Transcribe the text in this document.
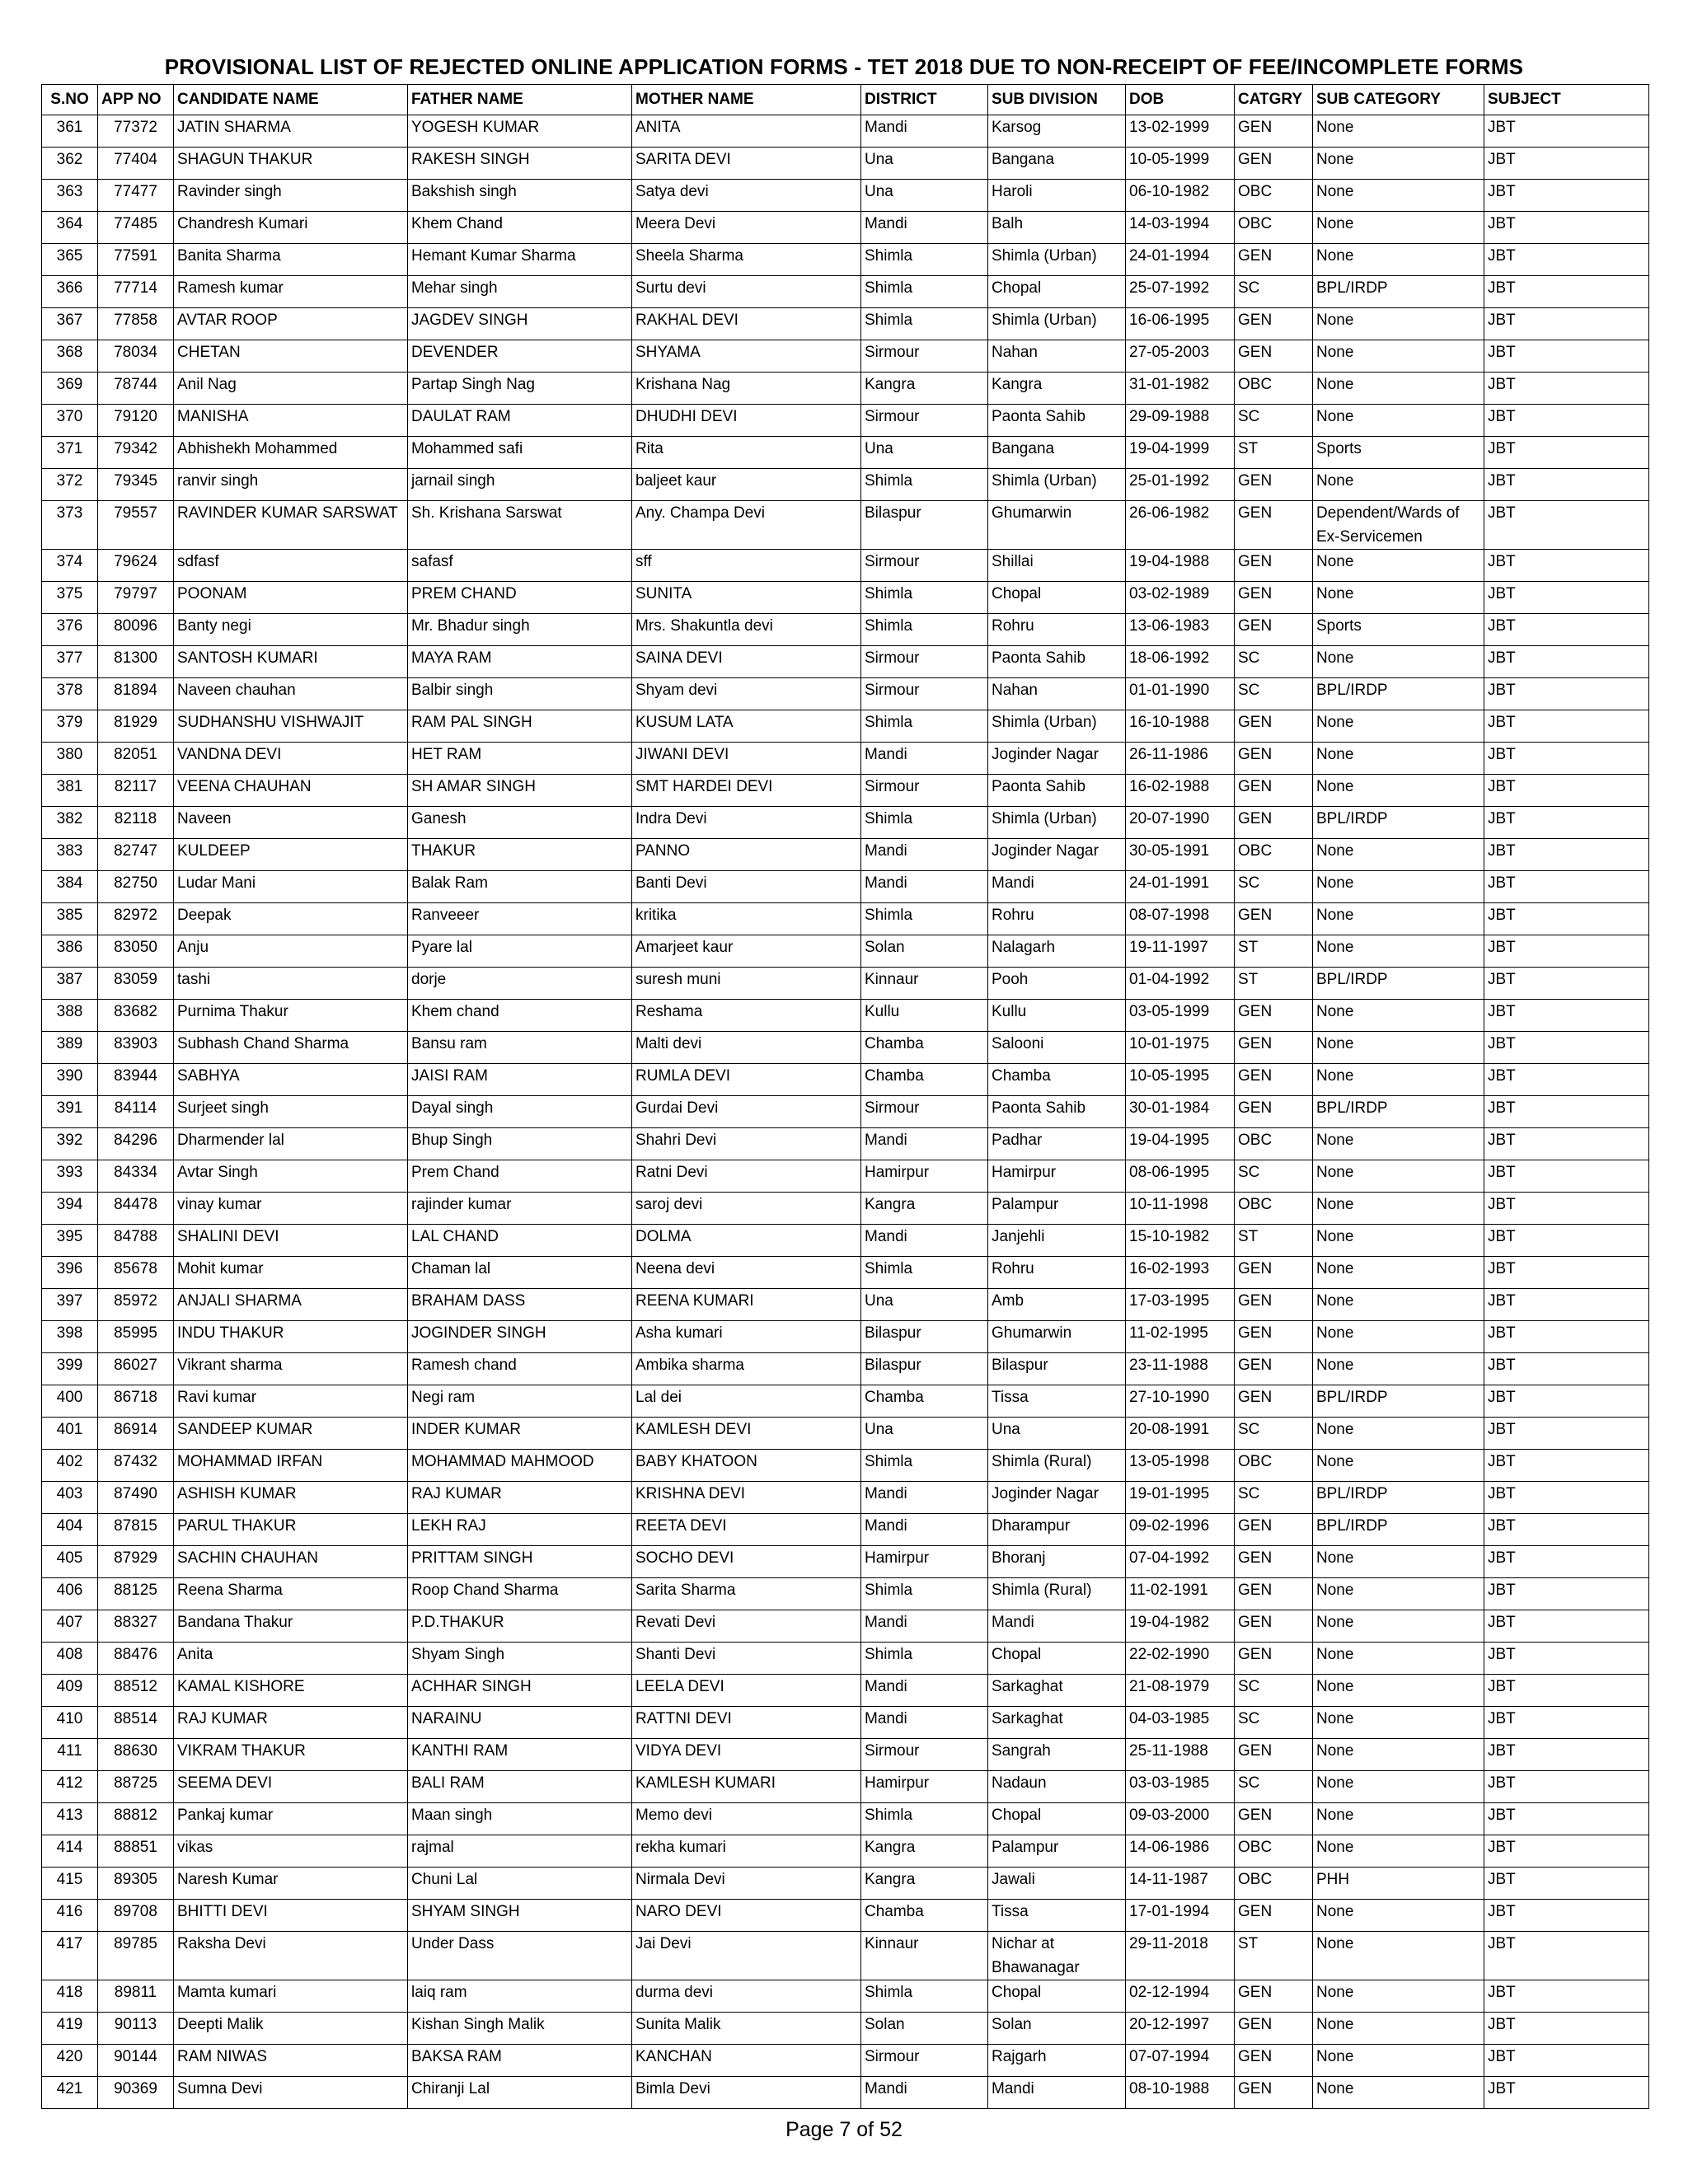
PROVISIONAL LIST OF REJECTED ONLINE APPLICATION FORMS - TET 2018 DUE TO NON-RECEIPT OF FEE/INCOMPLETE FORMS
S.NO	APP NO	CANDIDATE NAME	FATHER NAME	MOTHER NAME	DISTRICT	SUB DIVISION	DOB	CATGRY	SUB CATEGORY	SUBJECT
361	77372	JATIN SHARMA	YOGESH KUMAR	ANITA	Mandi	Karsog	13-02-1999	GEN	None	JBT
362	77404	SHAGUN THAKUR	RAKESH SINGH	SARITA DEVI	Una	Bangana	10-05-1999	GEN	None	JBT
363	77477	Ravinder singh	Bakshish singh	Satya devi	Una	Haroli	06-10-1982	OBC	None	JBT
364	77485	Chandresh Kumari	Khem Chand	Meera Devi	Mandi	Balh	14-03-1994	OBC	None	JBT
365	77591	Banita Sharma	Hemant Kumar Sharma	Sheela Sharma	Shimla	Shimla (Urban)	24-01-1994	GEN	None	JBT
366	77714	Ramesh kumar	Mehar singh	Surtu devi	Shimla	Chopal	25-07-1992	SC	BPL/IRDP	JBT
367	77858	AVTAR ROOP	JAGDEV SINGH	RAKHAL DEVI	Shimla	Shimla (Urban)	16-06-1995	GEN	None	JBT
368	78034	CHETAN	DEVENDER	SHYAMA	Sirmour	Nahan	27-05-2003	GEN	None	JBT
369	78744	Anil Nag	Partap Singh Nag	Krishana Nag	Kangra	Kangra	31-01-1982	OBC	None	JBT
370	79120	MANISHA	DAULAT RAM	DHUDHI DEVI	Sirmour	Paonta Sahib	29-09-1988	SC	None	JBT
371	79342	Abhishekh Mohammed	Mohammed safi	Rita	Una	Bangana	19-04-1999	ST	Sports	JBT
372	79345	ranvir singh	jarnail singh	baljeet kaur	Shimla	Shimla (Urban)	25-01-1992	GEN	None	JBT
373	79557	RAVINDER KUMAR SARSWAT	Sh. Krishana Sarswat	Any. Champa Devi	Bilaspur	Ghumarwin	26-06-1982	GEN	Dependent/Wards of Ex-Servicemen	JBT
374	79624	sdfasf	safasf	sff	Sirmour	Shillai	19-04-1988	GEN	None	JBT
375	79797	POONAM	PREM CHAND	SUNITA	Shimla	Chopal	03-02-1989	GEN	None	JBT
376	80096	Banty negi	Mr. Bhadur singh	Mrs. Shakuntla devi	Shimla	Rohru	13-06-1983	GEN	Sports	JBT
377	81300	SANTOSH KUMARI	MAYA RAM	SAINA DEVI	Sirmour	Paonta Sahib	18-06-1992	SC	None	JBT
378	81894	Naveen chauhan	Balbir singh	Shyam devi	Sirmour	Nahan	01-01-1990	SC	BPL/IRDP	JBT
379	81929	SUDHANSHU VISHWAJIT	RAM PAL SINGH	KUSUM LATA	Shimla	Shimla (Urban)	16-10-1988	GEN	None	JBT
380	82051	VANDNA DEVI	HET RAM	JIWANI DEVI	Mandi	Joginder Nagar	26-11-1986	GEN	None	JBT
381	82117	VEENA CHAUHAN	SH AMAR SINGH	SMT HARDEI DEVI	Sirmour	Paonta Sahib	16-02-1988	GEN	None	JBT
382	82118	Naveen	Ganesh	Indra Devi	Shimla	Shimla (Urban)	20-07-1990	GEN	BPL/IRDP	JBT
383	82747	KULDEEP	THAKUR	PANNO	Mandi	Joginder Nagar	30-05-1991	OBC	None	JBT
384	82750	Ludar Mani	Balak Ram	Banti Devi	Mandi	Mandi	24-01-1991	SC	None	JBT
385	82972	Deepak	Ranveeer	kritika	Shimla	Rohru	08-07-1998	GEN	None	JBT
386	83050	Anju	Pyare lal	Amarjeet kaur	Solan	Nalagarh	19-11-1997	ST	None	JBT
387	83059	tashi	dorje	suresh muni	Kinnaur	Pooh	01-04-1992	ST	BPL/IRDP	JBT
388	83682	Purnima Thakur	Khem chand	Reshama	Kullu	Kullu	03-05-1999	GEN	None	JBT
389	83903	Subhash Chand Sharma	Bansu ram	Malti devi	Chamba	Salooni	10-01-1975	GEN	None	JBT
390	83944	SABHYA	JAISI RAM	RUMLA DEVI	Chamba	Chamba	10-05-1995	GEN	None	JBT
391	84114	Surjeet singh	Dayal singh	Gurdai Devi	Sirmour	Paonta Sahib	30-01-1984	GEN	BPL/IRDP	JBT
392	84296	Dharmender lal	Bhup Singh	Shahri Devi	Mandi	Padhar	19-04-1995	OBC	None	JBT
393	84334	Avtar Singh	Prem Chand	Ratni Devi	Hamirpur	Hamirpur	08-06-1995	SC	None	JBT
394	84478	vinay kumar	rajinder kumar	saroj devi	Kangra	Palampur	10-11-1998	OBC	None	JBT
395	84788	SHALINI DEVI	LAL CHAND	DOLMA	Mandi	Janjehli	15-10-1982	ST	None	JBT
396	85678	Mohit kumar	Chaman lal	Neena devi	Shimla	Rohru	16-02-1993	GEN	None	JBT
397	85972	ANJALI SHARMA	BRAHAM DASS	REENA KUMARI	Una	Amb	17-03-1995	GEN	None	JBT
398	85995	INDU THAKUR	JOGINDER SINGH	Asha kumari	Bilaspur	Ghumarwin	11-02-1995	GEN	None	JBT
399	86027	Vikrant sharma	Ramesh chand	Ambika sharma	Bilaspur	Bilaspur	23-11-1988	GEN	None	JBT
400	86718	Ravi kumar	Negi ram	Lal dei	Chamba	Tissa	27-10-1990	GEN	BPL/IRDP	JBT
401	86914	SANDEEP KUMAR	INDER KUMAR	KAMLESH DEVI	Una	Una	20-08-1991	SC	None	JBT
402	87432	MOHAMMAD IRFAN	MOHAMMAD MAHMOOD	BABY KHATOON	Shimla	Shimla (Rural)	13-05-1998	OBC	None	JBT
403	87490	ASHISH KUMAR	RAJ KUMAR	KRISHNA DEVI	Mandi	Joginder Nagar	19-01-1995	SC	BPL/IRDP	JBT
404	87815	PARUL THAKUR	LEKH RAJ	REETA DEVI	Mandi	Dharampur	09-02-1996	GEN	BPL/IRDP	JBT
405	87929	SACHIN CHAUHAN	PRITTAM SINGH	SOCHO DEVI	Hamirpur	Bhoranj	07-04-1992	GEN	None	JBT
406	88125	Reena Sharma	Roop Chand Sharma	Sarita Sharma	Shimla	Shimla (Rural)	11-02-1991	GEN	None	JBT
407	88327	Bandana Thakur	P.D.THAKUR	Revati Devi	Mandi	Mandi	19-04-1982	GEN	None	JBT
408	88476	Anita	Shyam Singh	Shanti Devi	Shimla	Chopal	22-02-1990	GEN	None	JBT
409	88512	KAMAL KISHORE	ACHHAR SINGH	LEELA DEVI	Mandi	Sarkaghat	21-08-1979	SC	None	JBT
410	88514	RAJ KUMAR	NARAINU	RATTNI DEVI	Mandi	Sarkaghat	04-03-1985	SC	None	JBT
411	88630	VIKRAM THAKUR	KANTHI RAM	VIDYA DEVI	Sirmour	Sangrah	25-11-1988	GEN	None	JBT
412	88725	SEEMA DEVI	BALI RAM	KAMLESH KUMARI	Hamirpur	Nadaun	03-03-1985	SC	None	JBT
413	88812	Pankaj kumar	Maan singh	Memo devi	Shimla	Chopal	09-03-2000	GEN	None	JBT
414	88851	vikas	rajmal	rekha kumari	Kangra	Palampur	14-06-1986	OBC	None	JBT
415	89305	Naresh Kumar	Chuni Lal	Nirmala Devi	Kangra	Jawali	14-11-1987	OBC	PHH	JBT
416	89708	BHITTI DEVI	SHYAM SINGH	NARO DEVI	Chamba	Tissa	17-01-1994	GEN	None	JBT
417	89785	Raksha Devi	Under Dass	Jai Devi	Kinnaur	Nichar at Bhawanagar	29-11-2018	ST	None	JBT
418	89811	Mamta kumari	laiq ram	durma devi	Shimla	Chopal	02-12-1994	GEN	None	JBT
419	90113	Deepti Malik	Kishan Singh Malik	Sunita Malik	Solan	Solan	20-12-1997	GEN	None	JBT
420	90144	RAM NIWAS	BAKSA RAM	KANCHAN	Sirmour	Rajgarh	07-07-1994	GEN	None	JBT
421	90369	Sumna Devi	Chiranji Lal	Bimla Devi	Mandi	Mandi	08-10-1988	GEN	None	JBT
Page 7 of 52
